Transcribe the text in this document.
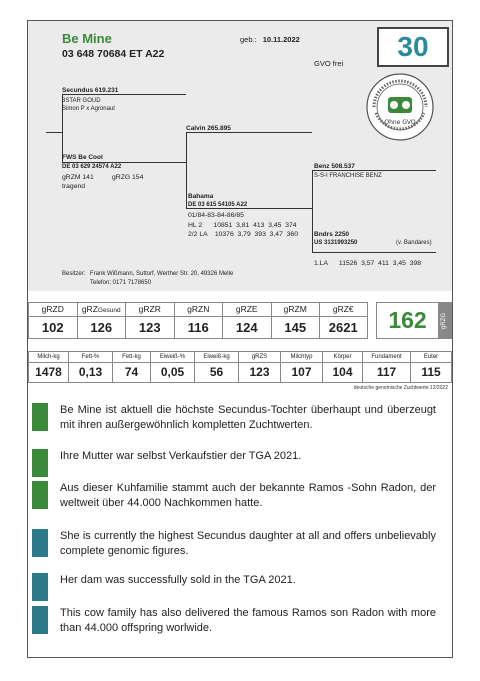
Be Mine
03 648 70684 ET A22
geb.: 10.11.2022
GVO frei
30
Ohne GVO
Secundus 619.231
3STAR GOUD
Simon P x Agronaut
Calvin 265.895
FWS Be Cool
DE 03 629 24574 A22
gRZM 141	gRZG 154
tragend
Benz 508.537
S-S-I FRANCHISE BENZ
Bahama
DE 03 615 54105 A22
01/84-83-84-86/85
HL 2      10851  3,81  413  3,45  374
2/2 LA    10376  3,79  393  3,47  360 Bndrs 2250
US 3131993250	(v. Bandares)
1.LA      11526  3,57  411  3,45  398
Besitzer: Frank Wißmann, Suttorf, Werther Str. 20, 49326 Melle
Telefon: 0171 7178650
gRZD	gRZGesund	gRZR	gRZN	gRZE	gRZM	gRZ€
102	126	123	116	124	145	2621	162	gRZG
Milch-kg	Fett-%	Fett-kg	Eiweiß-%	Eiweiß-kg	gRZS	Milchtyp	Körper	Fundament	Euter
1478	0,13	74	0,05	56	123	107	104	117	115
deutsche genomische Zuchtwerte 12/2022
Be Mine ist aktuell die höchste Secundus-Tochter überhaupt und überzeugt mit ihren außergewöhnlich kompletten Zuchtwerten.
Ihre Mutter war selbst Verkaufstier der TGA 2021.
Aus dieser Kuhfamilie stammt auch der bekannte Ramos -Sohn Radon, der weltweit über 44.000 Nachkommen hatte.
She is currently the highest Secundus daughter at all and offers unbelievably complete genomic figures.
Her dam was successfully sold in the TGA 2021.
This cow family has also delivered the famous Ramos son Radon with more than 44.000 offspring worlwide.
